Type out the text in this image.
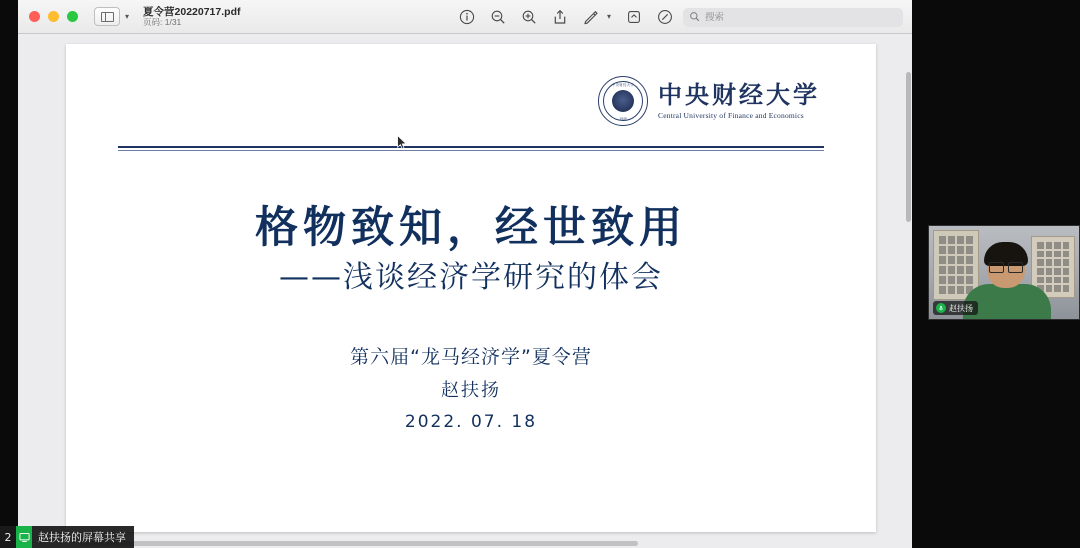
▾ 夏令营20220717.pdf
页码: 1/31
▾
搜索
中央财经大学
1949
中央财经大学
Central University of Finance and Economics
格物致知，经世致用
——浅谈经济学研究的体会
第六届“龙马经济学”夏令营
赵扶扬
2022. 07. 18
赵扶扬
2	赵扶扬的屏幕共享
